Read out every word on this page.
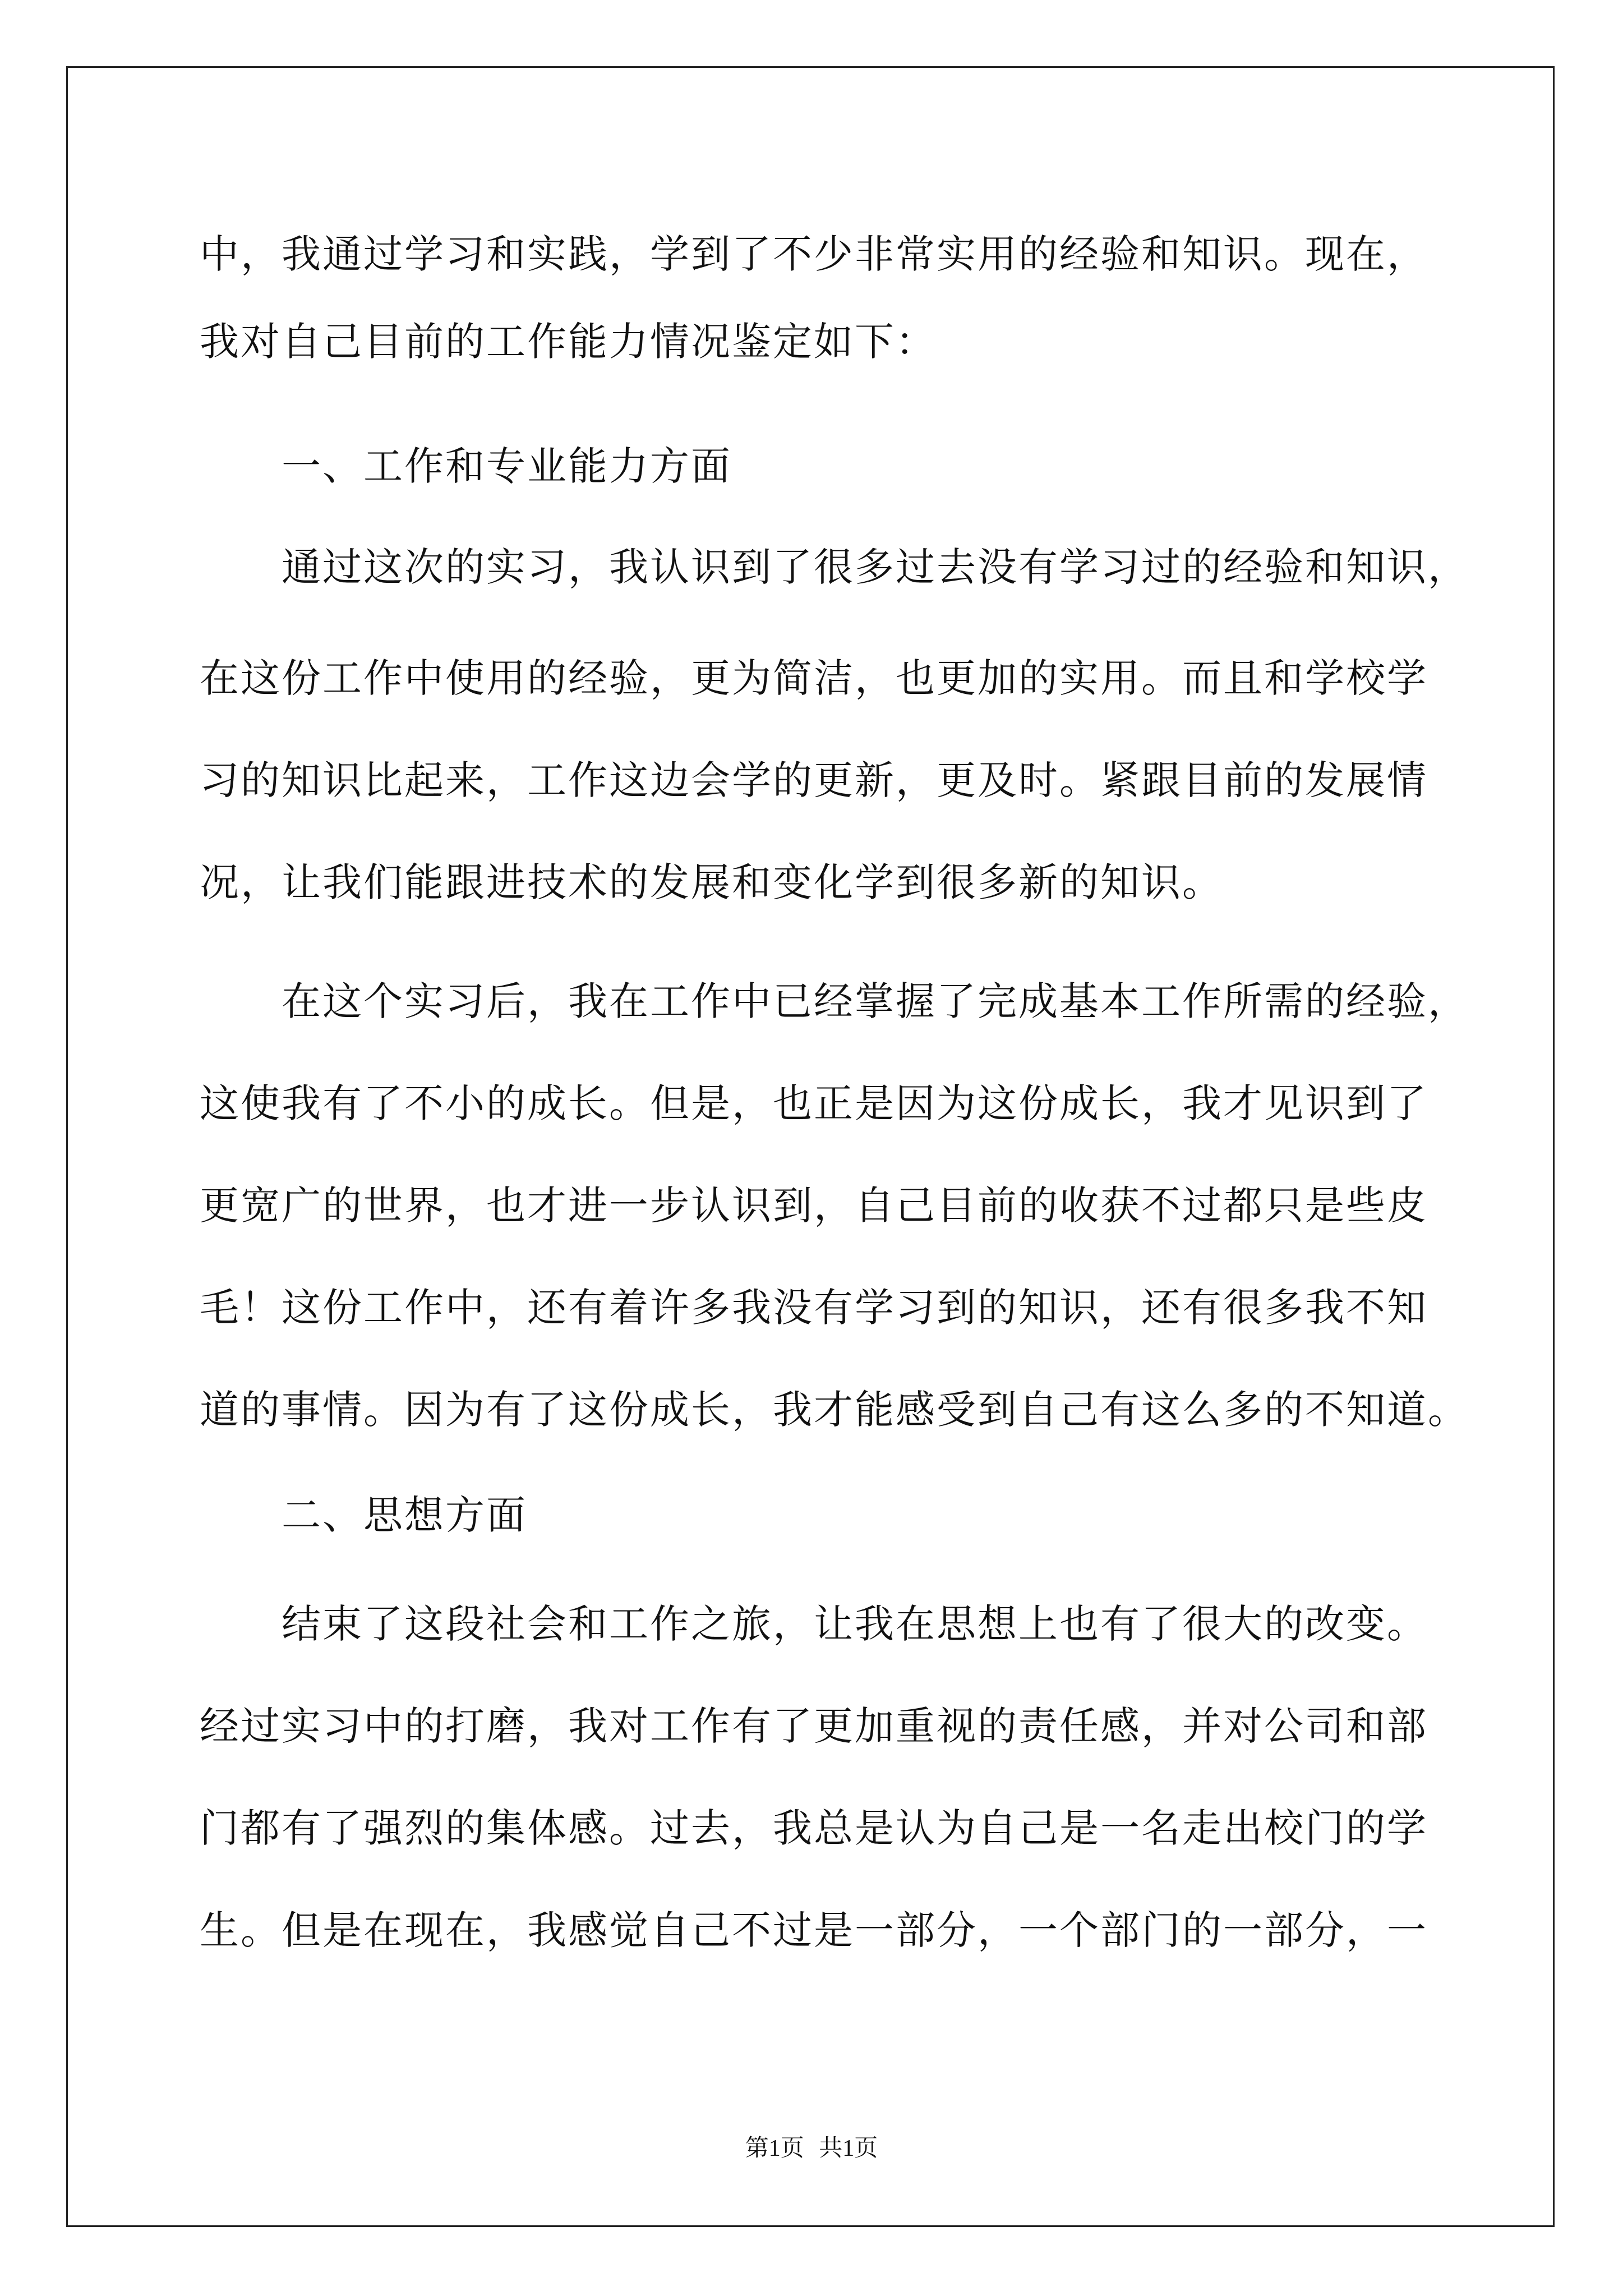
中，我通过学习和实践，学到了不少非常实用的经验和知识。现在，
我对自己目前的工作能力情况鉴定如下：
一、工作和专业能力方面
通过这次的实习，我认识到了很多过去没有学习过的经验和知识，
在这份工作中使用的经验，更为简洁，也更加的实用。而且和学校学
习的知识比起来，工作这边会学的更新，更及时。紧跟目前的发展情
况，让我们能跟进技术的发展和变化学到很多新的知识。
在这个实习后，我在工作中已经掌握了完成基本工作所需的经验，
这使我有了不小的成长。但是，也正是因为这份成长，我才见识到了
更宽广的世界，也才进一步认识到，自己目前的收获不过都只是些皮
毛！这份工作中，还有着许多我没有学习到的知识，还有很多我不知
道的事情。因为有了这份成长，我才能感受到自己有这么多的不知道。
二、思想方面
结束了这段社会和工作之旅，让我在思想上也有了很大的改变。
经过实习中的打磨，我对工作有了更加重视的责任感，并对公司和部
门都有了强烈的集体感。过去，我总是认为自己是一名走出校门的学
生。但是在现在，我感觉自己不过是一部分，一个部门的一部分，一
第1页 共1页
